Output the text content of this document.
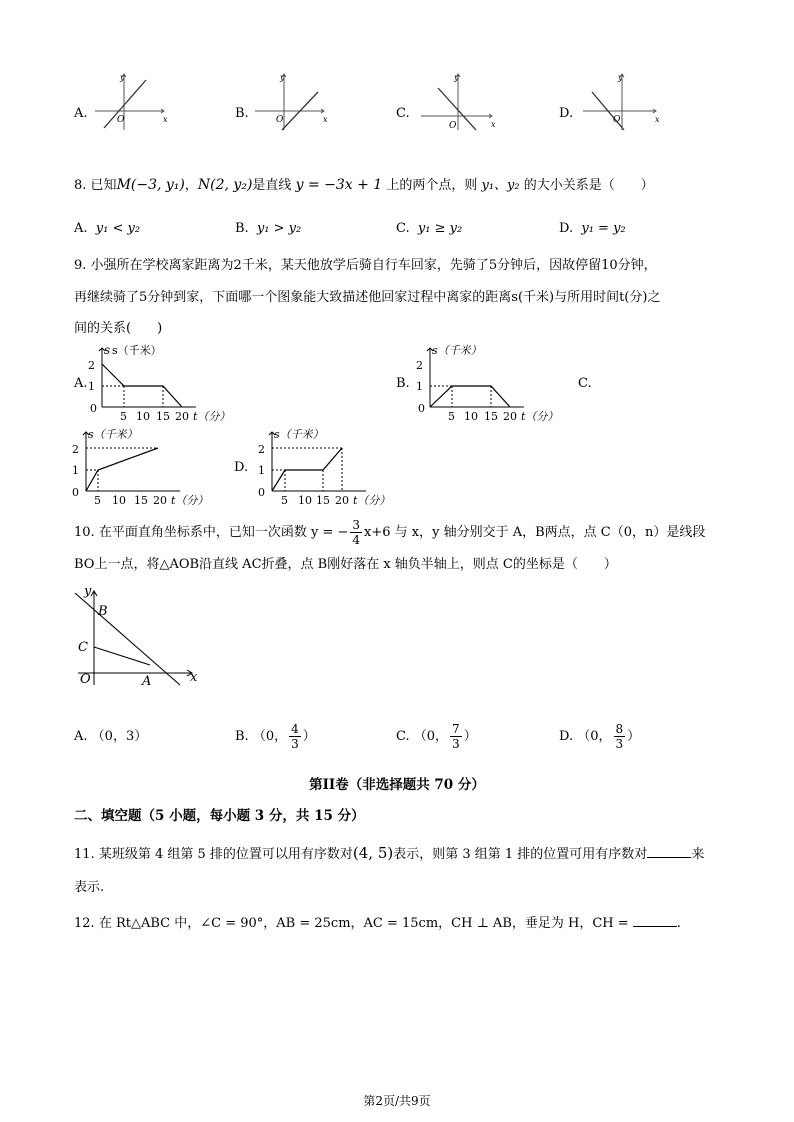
A.
y
x
O	B.
y
x
O	C.
y
x
O
D.
y
x
O
8. 已知M(−3, y₁)，N(2, y₂)是直线 y = −3x + 1 上的两个点，则 y₁、y₂ 的大小关系是（　　）
A. y₁ < y₂	B. y₁ > y₂	C. y₁ ≥ y₂	D. y₁ = y₂
9. 小强所在学校离家距离为2千米，某天他放学后骑自行车回家，先骑了5分钟后，因故停留10分钟，
再继续骑了5分钟到家，下面哪一个图象能大致描述他回家过程中离家的距离s(千米)与所用时间t(分)之
间的关系(　　)
A.
s s（千米）
2
1
0
5 10 15 20 t（分）
B.
s（千米）
2
1
0
5 10 15 20 t（分）
C.
s（千米）
2
1
0
5 10 15 20 t（分）
D.
s（千米）
2
1
0
5 10 15 20 t（分）
10. 在平面直角坐标系中，已知一次函数 y = − $\frac{3}{4} x+6$ 与 x，y 轴分别交于 A，B两点，点 C（0，n）是线段
BO上一点，将△AOB沿直线 AC折叠，点 B刚好落在 x 轴负半轴上，则点 C的坐标是（　　）
y
B
C
O	A	x
A. （0，3）	B. （0， $\frac{4}{3}$ ）	C. （0， $\frac{7}{3}$ ）	D. （0， $\frac{8}{3}$ ）
第II卷（非选择题共 70 分）
二、填空题（5 小题，每小题 3 分，共 15 分）
11. 某班级第 4 组第 5 排的位置可以用有序数对(4, 5)表示，则第 3 组第 1 排的位置可用有序数对	来
表示.
12. 在 Rt△ABC 中，∠C = 90°，AB = 25cm，AC = 15cm，CH ⊥ AB，垂足为 H，CH =	.
第2页/共9页
